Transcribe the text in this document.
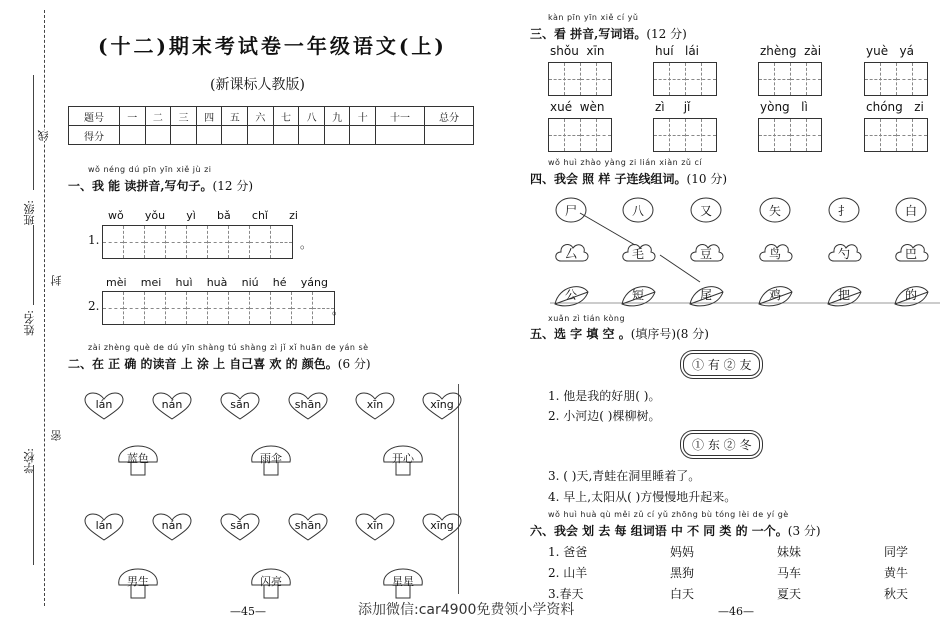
学校:
姓名:
班级:
密
封
线
(十二)期末考试卷一年级语文(上)
(新课标人教版)
题号	一	二	三	四	五	六	七	八	九	十	十一	总分
得分												
wǒ néng dú pīn yīn xiě jù zi
一、我 能 读拼音,写句子。(12 分)
wǒ yǒu yì bǎ chǐ zi
1.	。
mèi mei huì huà niú hé yáng
2.	。
zài zhèng què de dú yīn shàng tú shàng zì jǐ xǐ huān de yán sè
二、在 正 确 的读音 上 涂 上 自己喜 欢 的 颜色。(6 分)
lán	nán	sān	shān	xīn	xīng
lán	nán	sān	shān	xīn	xīng
蓝色	雨伞	开心
男生	闪亮	星星
—45—
kàn pīn yīn xiě cí yǔ
三、看 拼音,写词语。(12 分)
shǒu  xīn	huí   lái	zhèng  zài	yuè   yá
xué  wèn	zì     jǐ	yòng   lì	chóng   zi
wǒ huì zhào yàng zi lián xiàn zǔ cí
四、我会 照 样 子连线组词。(10 分)
尸	八	又	矢	扌	白
厶	毛	豆	鸟	勺	巴
公	短	尾	鸡	把	的
xuǎn zì tián kòng
五、选 字 填 空 。(填序号)(8 分)
① 有 ② 友
1. 他是我的好朋( )。
2. 小河边( )棵柳树。
① 东 ② 冬
3. ( )天,青蛙在洞里睡着了。
4. 早上,太阳从( )方慢慢地升起来。
wǒ huì huà qù měi zǔ cí yǔ zhōng bù tóng lèi de yí gè
六、我会 划 去 每 组词语 中 不 同 类 的 一个。(3 分)
1. 爸爸	妈妈	妹妹	同学
2. 山羊	黑狗	马车	黄牛
3.春天	白天	夏天	秋天
—46—
添加微信:car4900免费领小学资料
